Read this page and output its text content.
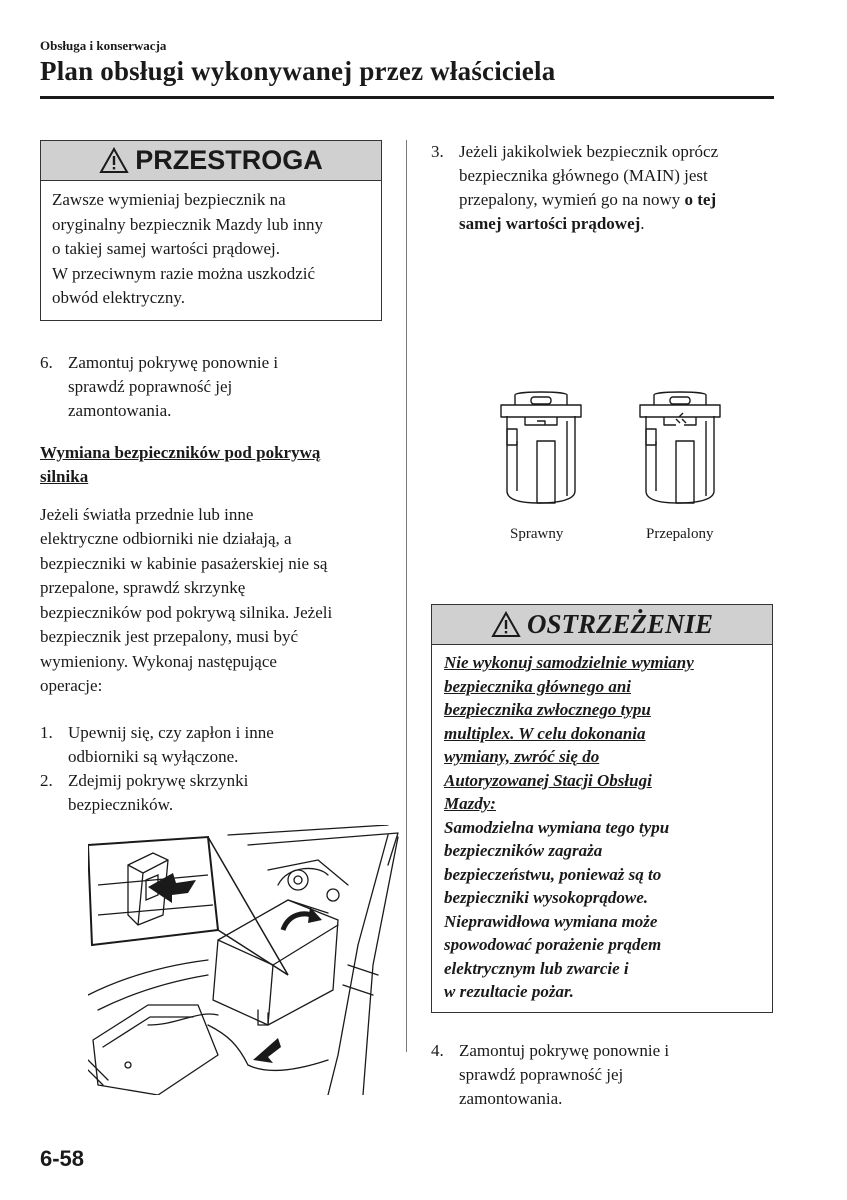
Obsługa i konserwacja
Plan obsługi wykonywanej przez właściciela
PRZESTROGA

Zawsze wymieniaj bezpiecznik na

oryginalny bezpiecznik Mazdy lub inny

o takiej samej wartości prądowej.

W przeciwnym razie można uszkodzić

obwód elektryczny.

6. Zamontuj pokrywę ponownie i
sprawdź poprawność jej
zamontowania.
Wymiana bezpieczników pod pokrywą
silnika
Jeżeli światła przednie lub inne
elektryczne odbiorniki nie działają, a
bezpieczniki w kabinie pasażerskiej nie są
przepalone, sprawdź skrzynkę
bezpieczników pod pokrywą silnika. Jeżeli
bezpiecznik jest przepalony, musi być
wymieniony. Wykonaj następujące
operacje:
1. Upewnij się, czy zapłon i inne
odbiorniki są wyłączone.
2. Zdejmij pokrywę skrzynki
bezpieczników.
3. Jeżeli jakikolwiek bezpiecznik oprócz
bezpiecznika głównego (MAIN) jest
przepalony, wymień go na nowy o tej
samej wartości prądowej.
Sprawny	Przepalony
OSTRZEŻENIE
Nie wykonuj samodzielnie wymiany
bezpiecznika głównego ani
bezpiecznika zwłocznego typu
multiplex. W celu dokonania
wymiany, zwróć się do
Autoryzowanej Stacji Obsługi
Mazdy:
Samodzielna wymiana tego typu
bezpieczników zagraża
bezpieczeństwu, ponieważ są to
bezpieczniki wysokoprądowe.
Nieprawidłowa wymiana może
spowodować porażenie prądem
elektrycznym lub zwarcie i
w rezultacie pożar.
4. Zamontuj pokrywę ponownie i
sprawdź poprawność jej
zamontowania.
6-58
